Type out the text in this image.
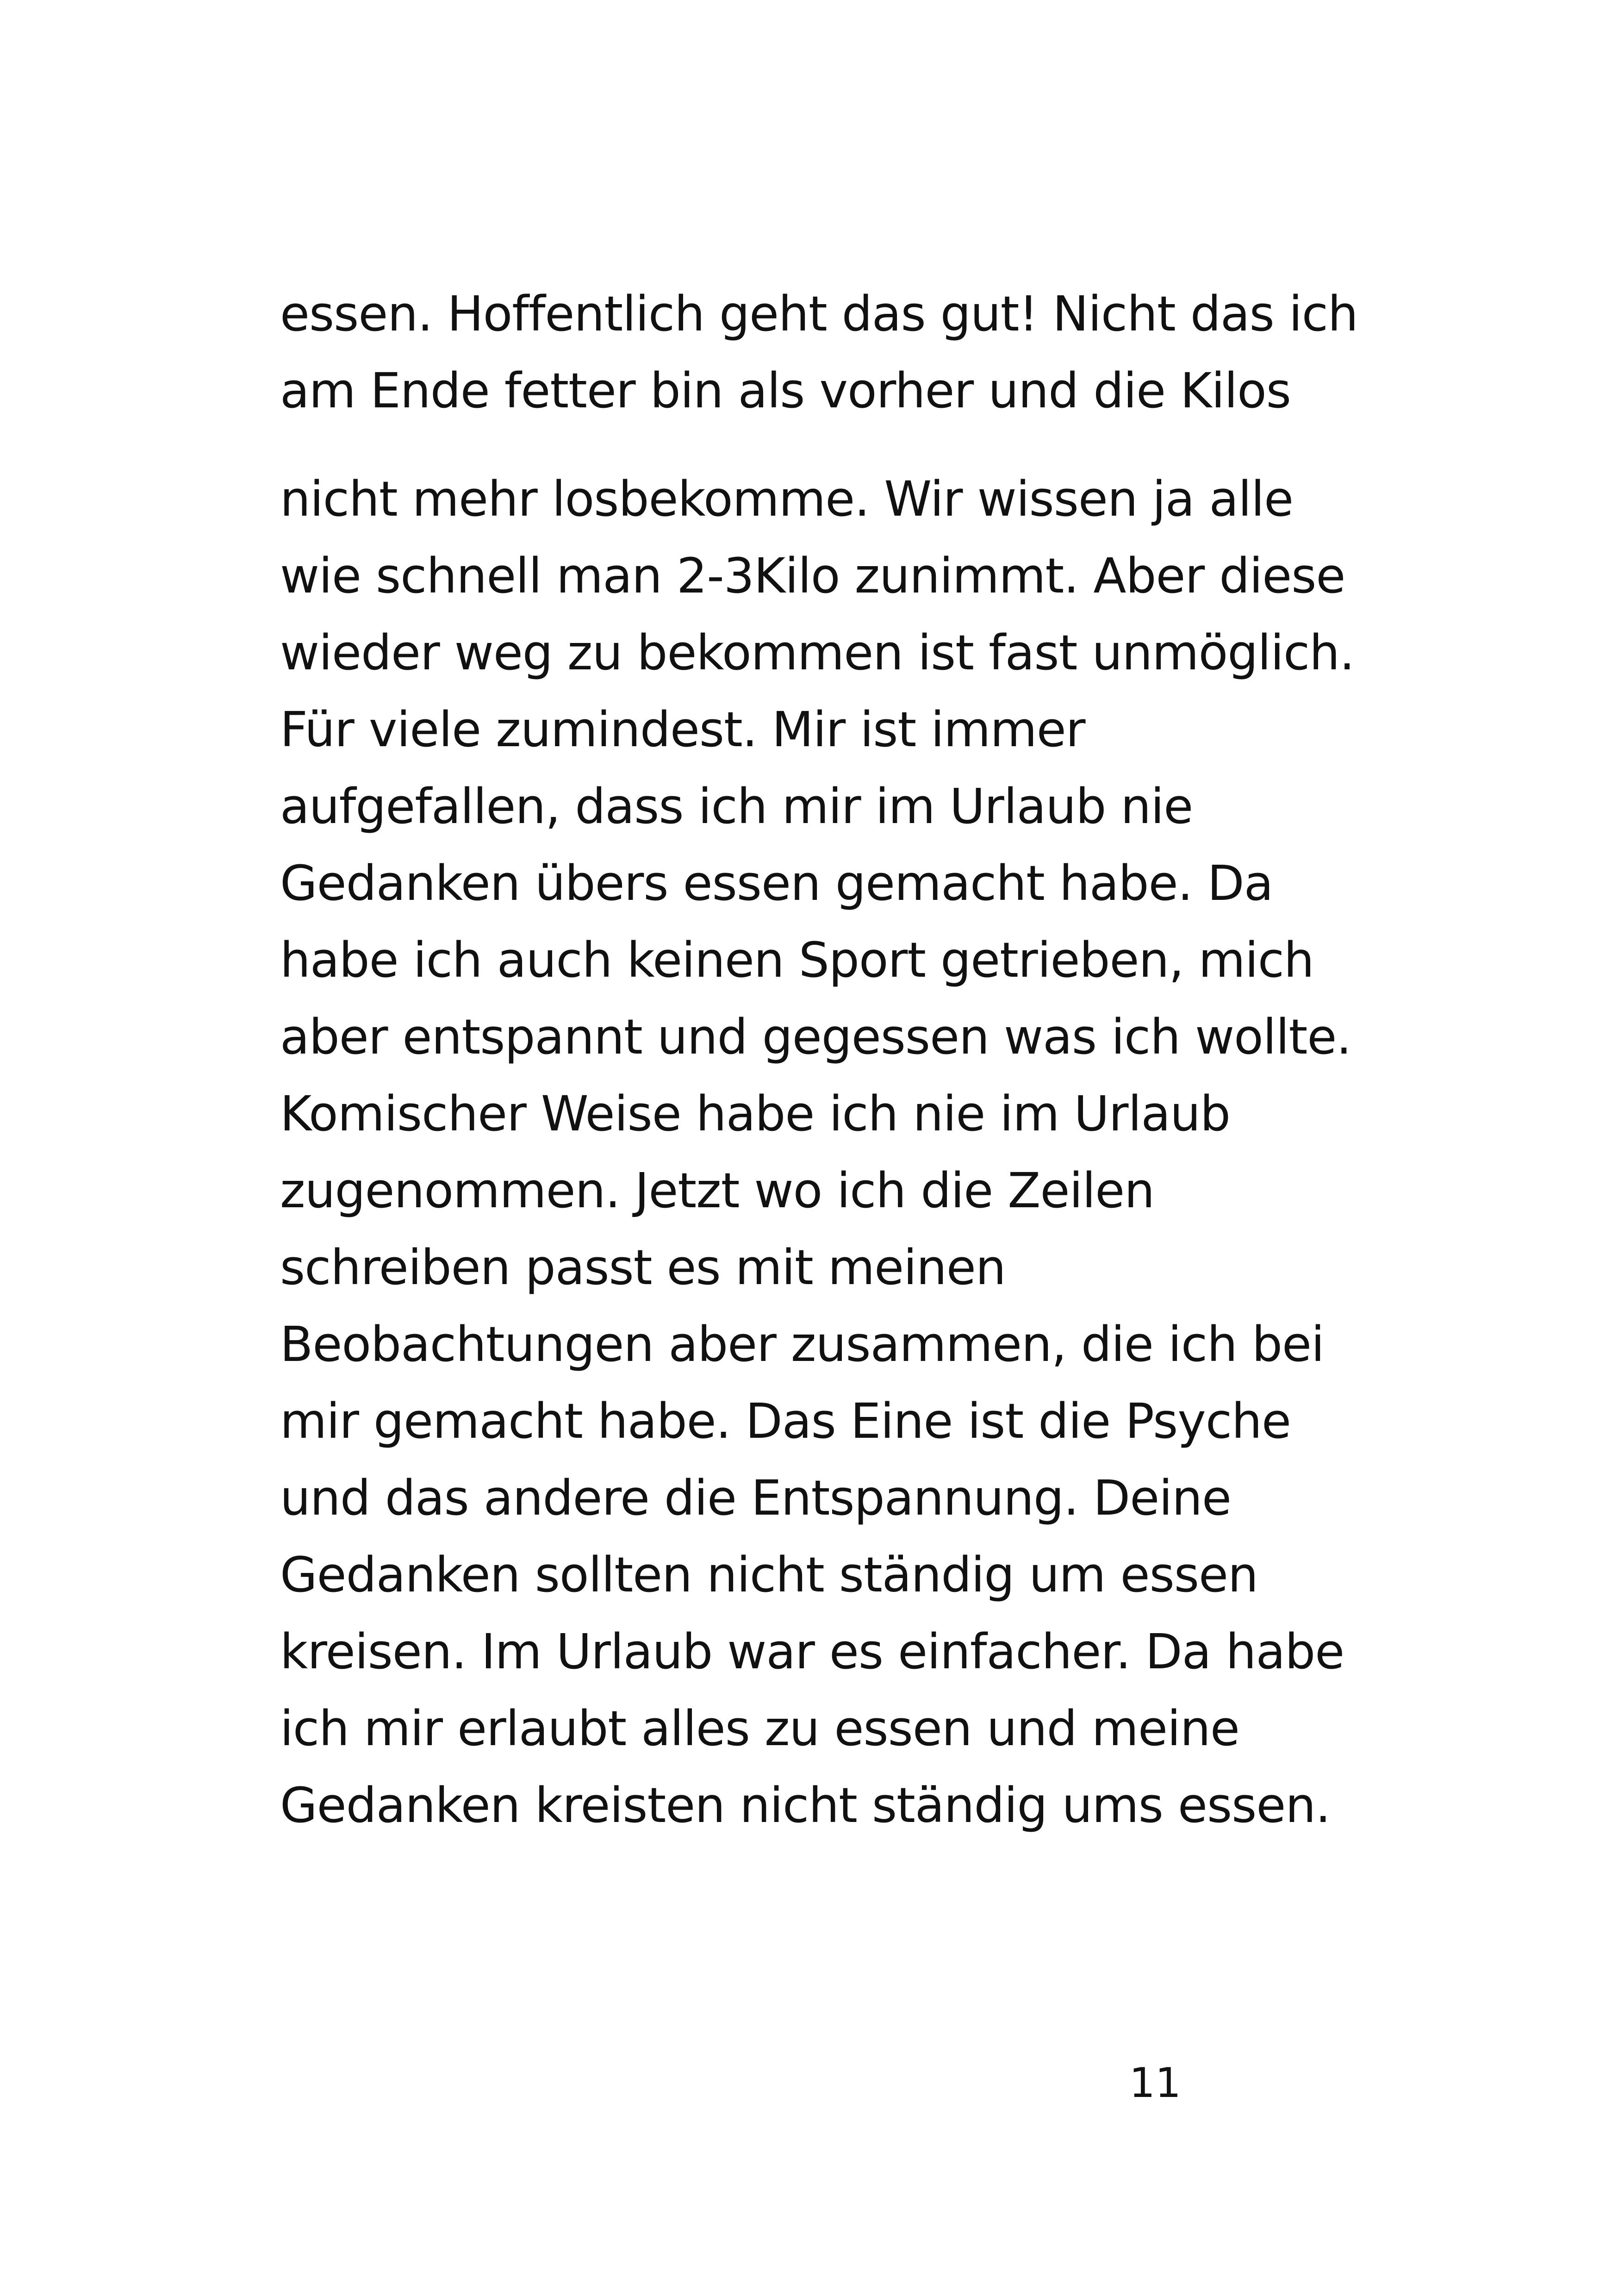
essen. Hoffentlich geht das gut! Nicht das ich
am Ende fetter bin als vorher und die Kilos
nicht mehr losbekomme. Wir wissen ja alle
wie schnell man 2-3Kilo zunimmt. Aber diese
wieder weg zu bekommen ist fast unmöglich.
Für viele zumindest. Mir ist immer
aufgefallen, dass ich mir im Urlaub nie
Gedanken übers essen gemacht habe. Da
habe ich auch keinen Sport getrieben, mich
aber entspannt und gegessen was ich wollte.
Komischer Weise habe ich nie im Urlaub
zugenommen. Jetzt wo ich die Zeilen
schreiben passt es mit meinen
Beobachtungen aber zusammen, die ich bei
mir gemacht habe. Das Eine ist die Psyche
und das andere die Entspannung. Deine
Gedanken sollten nicht ständig um essen
kreisen. Im Urlaub war es einfacher. Da habe
ich mir erlaubt alles zu essen und meine
Gedanken kreisten nicht ständig ums essen.
11
